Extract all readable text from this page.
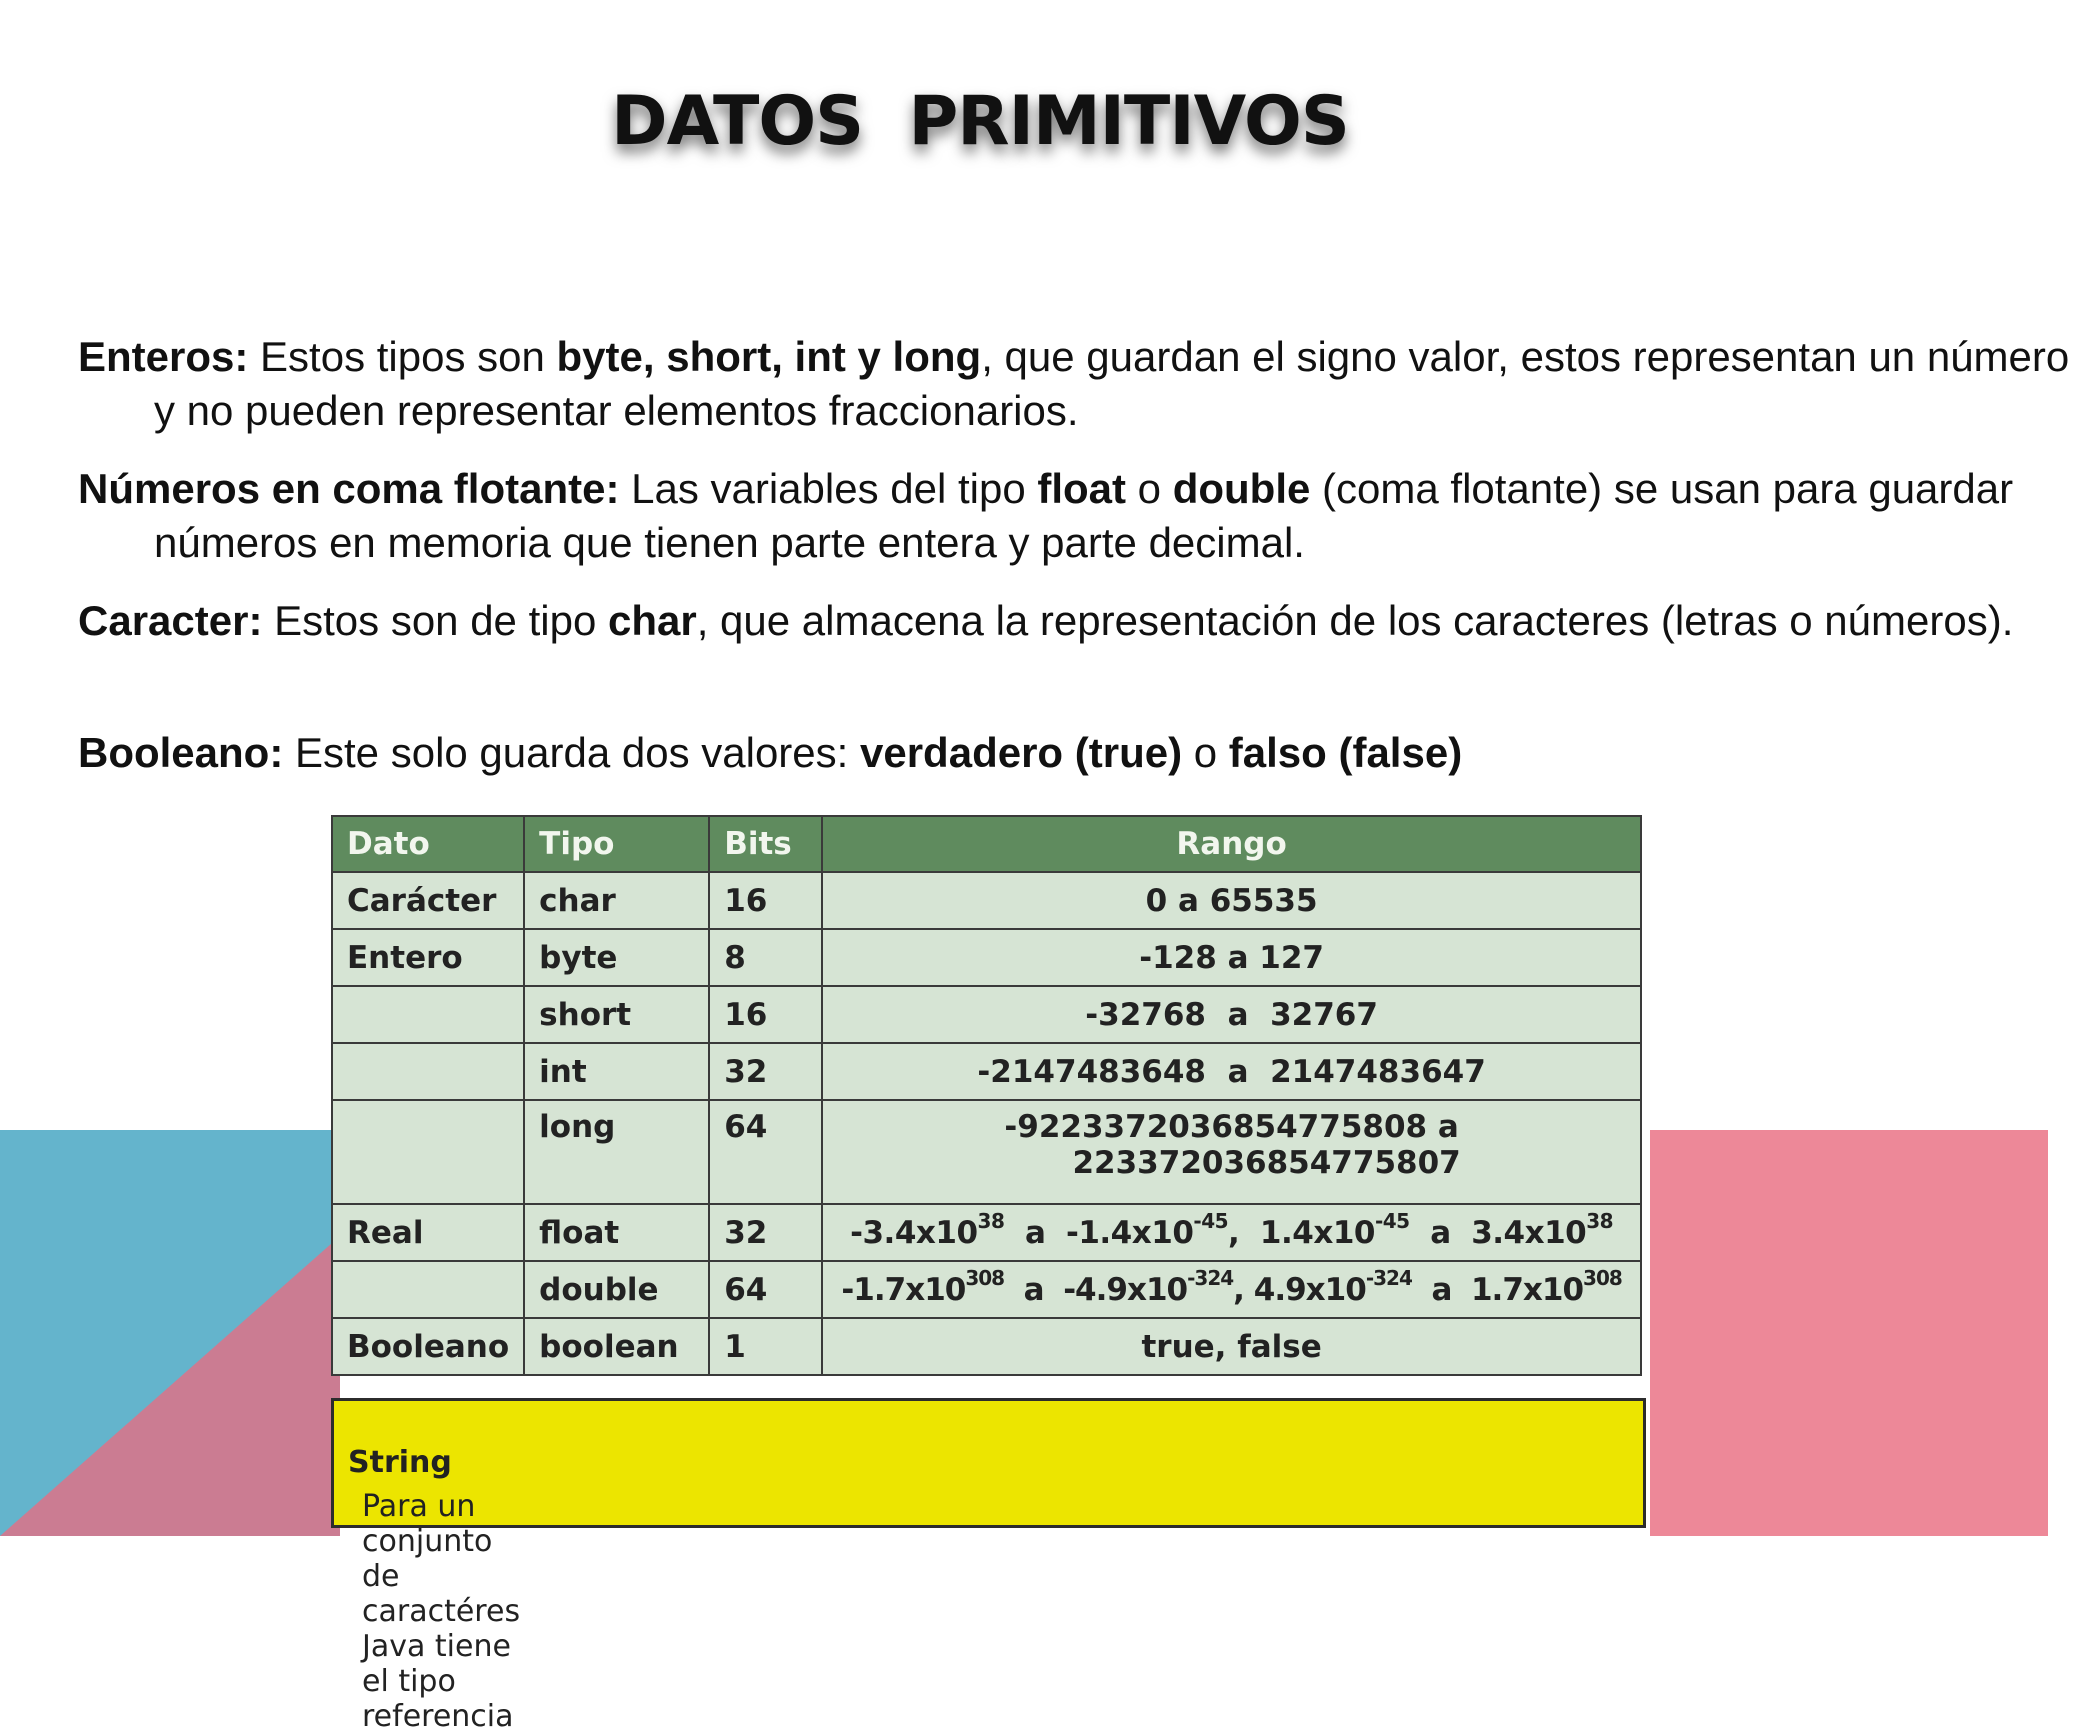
DATOS  PRIMITIVOS
Enteros: Estos tipos son byte, short, int y long, que guardan el signo valor, estos representan un número y no pueden representar elementos fraccionarios.
Números en coma flotante: Las variables del tipo float o double (coma flotante) se usan para guardar números en memoria que tienen parte entera y parte decimal.
Caracter: Estos son de tipo char, que almacena la representación de los caracteres (letras o números).
Booleano: Este solo guarda dos valores: verdadero (true) o falso (false)
Dato	Tipo	Bits	Rango
Carácter	char	16	0 a 65535
Entero	byte	8	-128 a 127
	short	16	-32768  a  32767
	int	32	-2147483648  a  2147483647
	long	64	-9223372036854775808 a
223372036854775807

Real	float	32	$-3.4x10^{38}$  a  $-1.4x10^{-45}$,  $1.4x10^{-45}$  a  $3.4x10^{38}$
	double	64	$-1.7x10^{308}$  a  $-4.9x10^{-324}$, $4.9x10^{-324}$  a  $1.7x10^{308}$
Booleano	boolean	1	true, false
Para un conjunto de caractéres Java tiene el tipo referencia
String
